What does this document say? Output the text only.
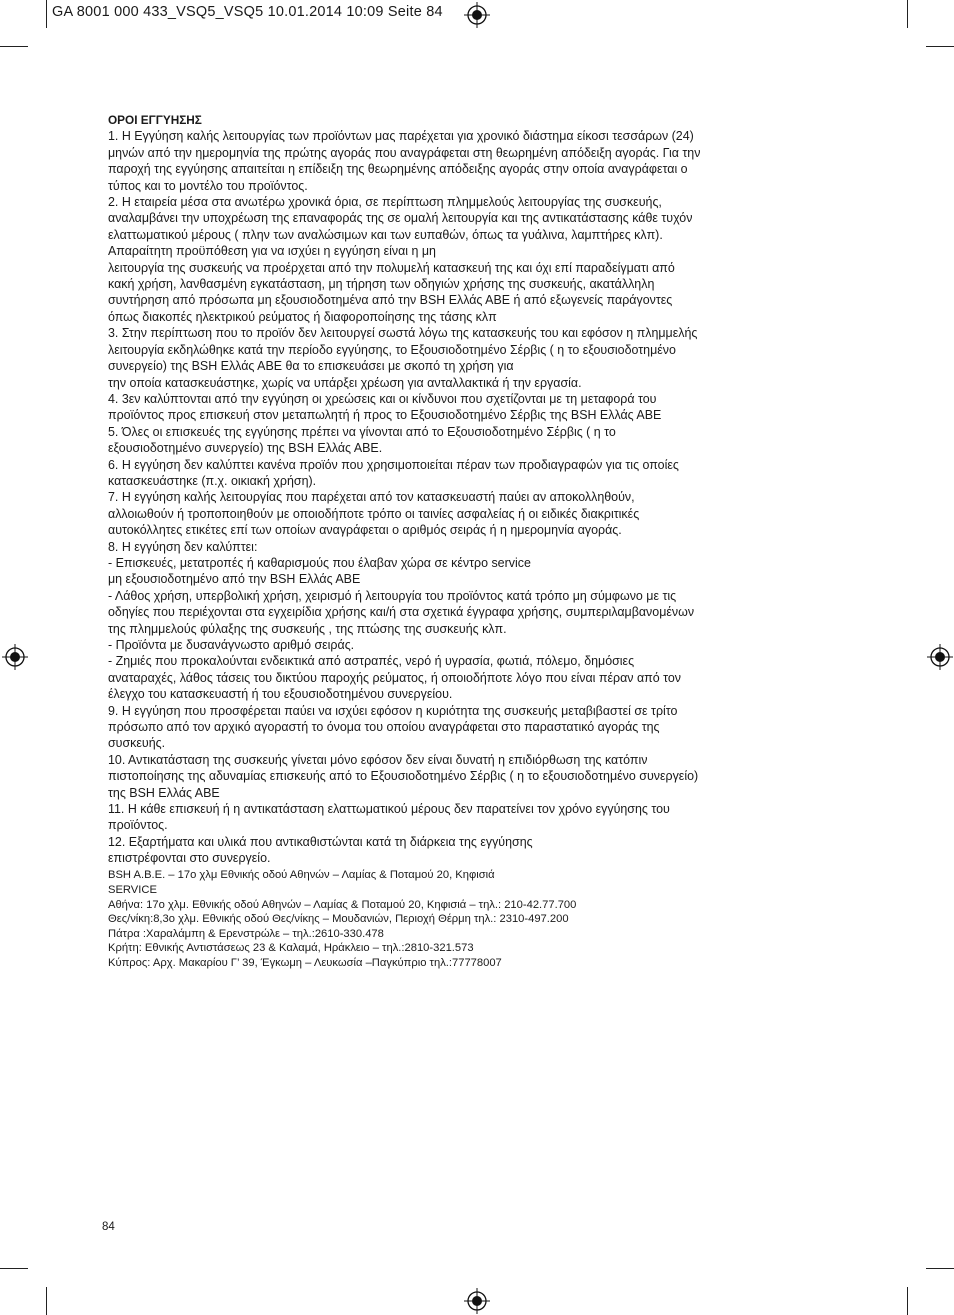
GA 8001 000 433_VSQ5_VSQ5 10.01.2014 10:09 Seite 84

ΟΡΟΙ ΕΓΓΥΗΣΗΣ

1. Η Εγγύηση καλής λειτουργίας των προϊόντων μας παρέχεται για χρονικό διάστημα είκοσι τεσσάρων (24)
μηνών από την ημερομηνία της πρώτης αγοράς που αναγράφεται στη θεωρημένη απόδειξη αγοράς. Για την
παροχή της εγγύησης απαιτείται η επίδειξη της θεωρημένης απόδειξης αγοράς στην οποία αναγράφεται ο
τύπος και το μοντέλο του προϊόντος.

2. Η εταιρεία μέσα στα ανωτέρω χρονικά όρια, σε περίπτωση πλημμελούς λειτουργίας της συσκευής,
αναλαμβάνει την υποχρέωση της επαναφοράς της σε ομαλή λειτουργία και της αντικατάστασης κάθε τυχόν
ελαττωματικού μέρους ( πλην των αναλώσιμων και των ευπαθών, όπως τα γυάλινα, λαμπτήρες κλπ).
Απαραίτητη προϋπόθεση για να ισχύει η εγγύηση είναι η μη
λειτουργία της συσκευής να προέρχεται από την πολυμελή κατασκευή της και όχι επί παραδείγματι από
κακή χρήση, λανθασμένη εγκατάσταση, μη τήρηση των οδηγιών χρήσης της συσκευής, ακατάλληλη
συντήρηση από πρόσωπα μη εξουσιοδοτημένα από την BSH Ελλάς ΑΒΕ ή από εξωγενείς παράγοντες
όπως διακοπές ηλεκτρικού ρεύματος ή διαφοροποίησης της τάσης κλπ

3. Στην περίπτωση που το προϊόν δεν λειτουργεί σωστά λόγω της κατασκευής του και εφόσον η πλημμελής
λειτουργία εκδηλώθηκε κατά την περίοδο εγγύησης, το Εξουσιοδοτημένο Σέρβις ( η το εξουσιοδοτημένο
συνεργείο) της BSH Ελλάς ΑΒΕ θα το επισκευάσει με σκοπό τη χρήση για
την οποία κατασκευάστηκε, χωρίς να υπάρξει χρέωση για ανταλλακτικά ή την εργασία.

4. 3εν καλύπτονται από την εγγύηση οι χρεώσεις και οι κίνδυνοι που σχετίζονται με τη μεταφορά του
προϊόντος προς επισκευή στον μεταπωλητή ή προς το Εξουσιοδοτημένο Σέρβις της BSH Ελλάς ΑΒΕ

5. Όλες οι επισκευές της εγγύησης πρέπει να γίνονται από το Εξουσιοδοτημένο Σέρβις ( η το
εξουσιοδοτημένο συνεργείο) της BSH Ελλάς ΑΒΕ.

6. Η εγγύηση δεν καλύπτει κανένα προϊόν που χρησιμοποιείται πέραν των προδιαγραφών για τις οποίες
κατασκευάστηκε (π.χ. οικιακή χρήση).

7. Η εγγύηση καλής λειτουργίας που παρέχεται από τον κατασκευαστή παύει αν αποκολληθούν,
αλλοιωθούν ή τροποποιηθούν με οποιοδήποτε τρόπο οι ταινίες ασφαλείας ή οι ειδικές διακριτικές
αυτοκόλλητες ετικέτες επί των οποίων αναγράφεται ο αριθμός σειράς ή η ημερομηνία αγοράς.

8. Η εγγύηση δεν καλύπτει:
- Επισκευές, μετατροπές ή καθαρισμούς που έλαβαν χώρα σε κέντρο service
μη εξουσιοδοτημένο από την BSH Ελλάς ΑΒΕ
- Λάθος χρήση, υπερβολική χρήση, χειρισμό ή λειτουργία του προϊόντος κατά τρόπο μη σύμφωνο με τις
οδηγίες που περιέχονται στα εγχειρίδια χρήσης και/ή στα σχετικά έγγραφα χρήσης, συμπεριλαμβανομένων
της πλημμελούς φύλαξης της συσκευής , της πτώσης της συσκευής κλπ.
- Προϊόντα με δυσανάγνωστο αριθμό σειράς.
- Ζημιές που προκαλούνται ενδεικτικά από αστραπές, νερό ή υγρασία, φωτιά, πόλεμο, δημόσιες
αναταραχές, λάθος τάσεις του δικτύου παροχής ρεύματος, ή οποιοδήποτε λόγο που είναι πέραν από τον
έλεγχο του κατασκευαστή ή του εξουσιοδοτημένου συνεργείου.

9. Η εγγύηση που προσφέρεται παύει να ισχύει εφόσον η κυριότητα της συσκευής μεταβιβαστεί σε τρίτο
πρόσωπο από τον αρχικό αγοραστή το όνομα του οποίου αναγράφεται στο παραστατικό αγοράς της
συσκευής.

10. Αντικατάσταση της συσκευής γίνεται μόνο εφόσον δεν είναι δυνατή η επιδιόρθωση της κατόπιν
πιστοποίησης της αδυναμίας επισκευής από το Εξουσιοδοτημένο Σέρβις ( η το εξουσιοδοτημένο συνεργείο)
της BSH Ελλάς ΑΒΕ

11. Η κάθε επισκευή ή η αντικατάσταση ελαττωματικού μέρους δεν παρατείνει τον χρόνο εγγύησης του
προϊόντος.

12. Εξαρτήματα και υλικά που αντικαθιστώνται κατά τη διάρκεια της εγγύησης
επιστρέφονται στο συνεργείο.

BSH A.B.E. – 17ο χλμ Εθνικής οδού Αθηνών – Λαμίας & Ποταμού 20, Κηφισιά

SERVICE
Αθήνα: 17ο χλμ. Εθνικής οδού Αθηνών – Λαμίας & Ποταμού 20, Κηφισιά – τηλ.: 210-42.77.700
Θες/νίκη:8,3ο χλμ. Εθνικής οδού Θες/νίκης – Μουδανιών, Περιοχή Θέρμη τηλ.: 2310-497.200
Πάτρα :Χαραλάμπη & Ερενστρώλε – τηλ.:2610-330.478
Κρήτη: Εθνικής Αντιστάσεως 23 & Καλαμά, Ηράκλειο – τηλ.:2810-321.573
Κύπρος: Αρχ. Μακαρίου Γ’ 39, Έγκωμη – Λευκωσία –Παγκύπριο τηλ.:77778007
84
